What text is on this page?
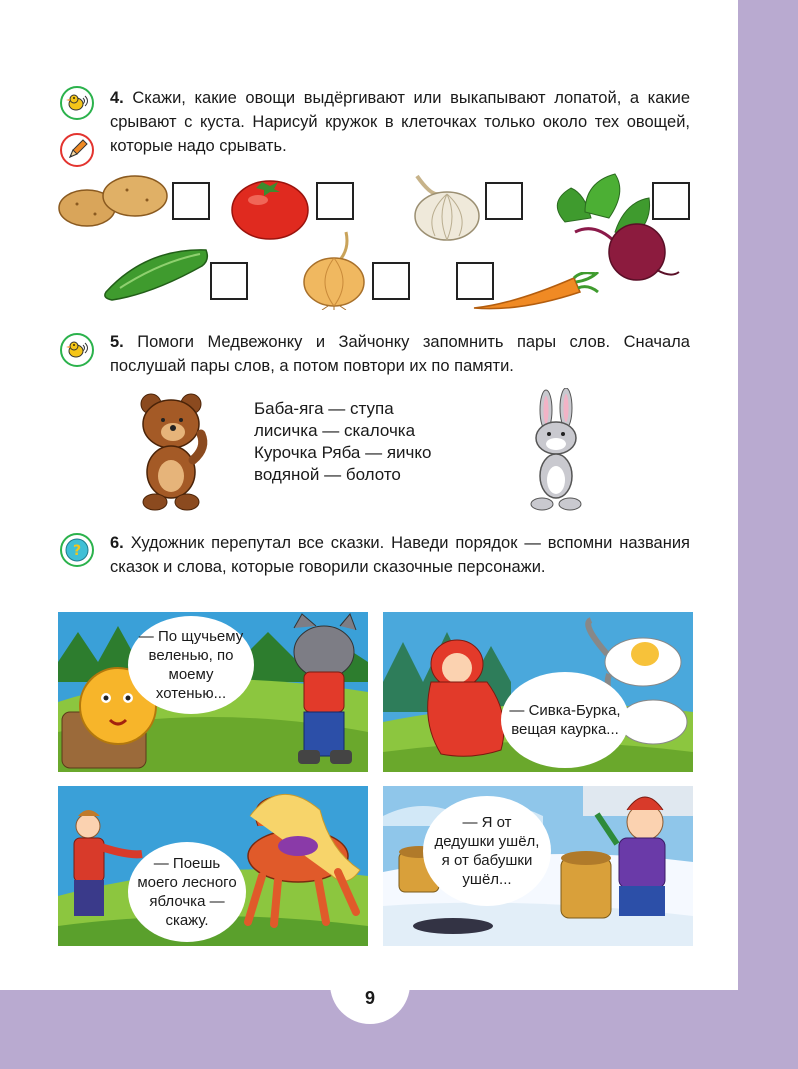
9
4. Скажи, какие овощи выдёргивают или выкапывают лопатой, а какие срывают с куста. Нарисуй кружок в клеточках только около тех овощей, которые надо срывать.
5. Помоги Медвежонку и Зайчонку запомнить пары слов. Сначала послушай пары слов, а потом повтори их по памяти.
Баба-яга — ступа
лисичка — скалочка
Курочка Ряба — яичко
водяной — болото
? 6. Художник перепутал все сказки. Наведи порядок — вспомни названия сказок и слова, которые говорили сказочные персонажи.
— По щучьему веленью, по моему хотенью...
— Сивка-Бурка, вещая каурка...
— Поешь моего лесного яблочка — скажу.
— Я от дедушки ушёл, я от бабушки ушёл...
